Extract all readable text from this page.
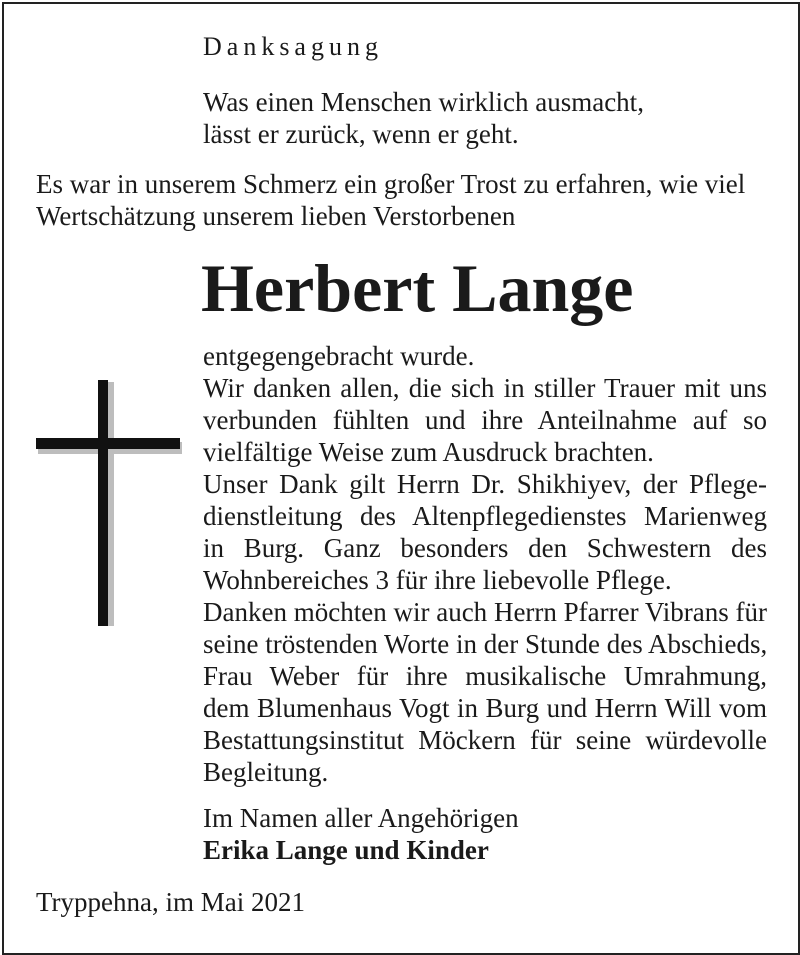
Danksagung

Was einen Menschen wirklich ausmacht,
lässt er zurück, wenn er geht.
Es war in unserem Schmerz ein großer Trost zu erfahren, wie viel
Wertschätzung unserem lieben Verstorbenen
Herbert Lange
entgegengebracht wurde.
Wir danken allen, die sich in stiller Trauer mit uns
verbunden fühlten und ihre Anteilnahme auf so
vielfältige Weise zum Ausdruck brachten.
Unser Dank gilt Herrn Dr. Shikhiyev, der Pflege-
dienstleitung des Altenpflegedienstes Marienweg
in Burg. Ganz besonders den Schwestern des
Wohnbereiches 3 für ihre liebevolle Pflege.
Danken möchten wir auch Herrn Pfarrer Vibrans für
seine tröstenden Worte in der Stunde des Abschieds,
Frau Weber für ihre musikalische Umrahmung,
dem Blumenhaus Vogt in Burg und Herrn Will vom
Bestattungsinstitut Möckern für seine würdevolle
Begleitung.
Im Namen aller Angehörigen
Erika Lange und Kinder

Tryppehna, im Mai 2021
